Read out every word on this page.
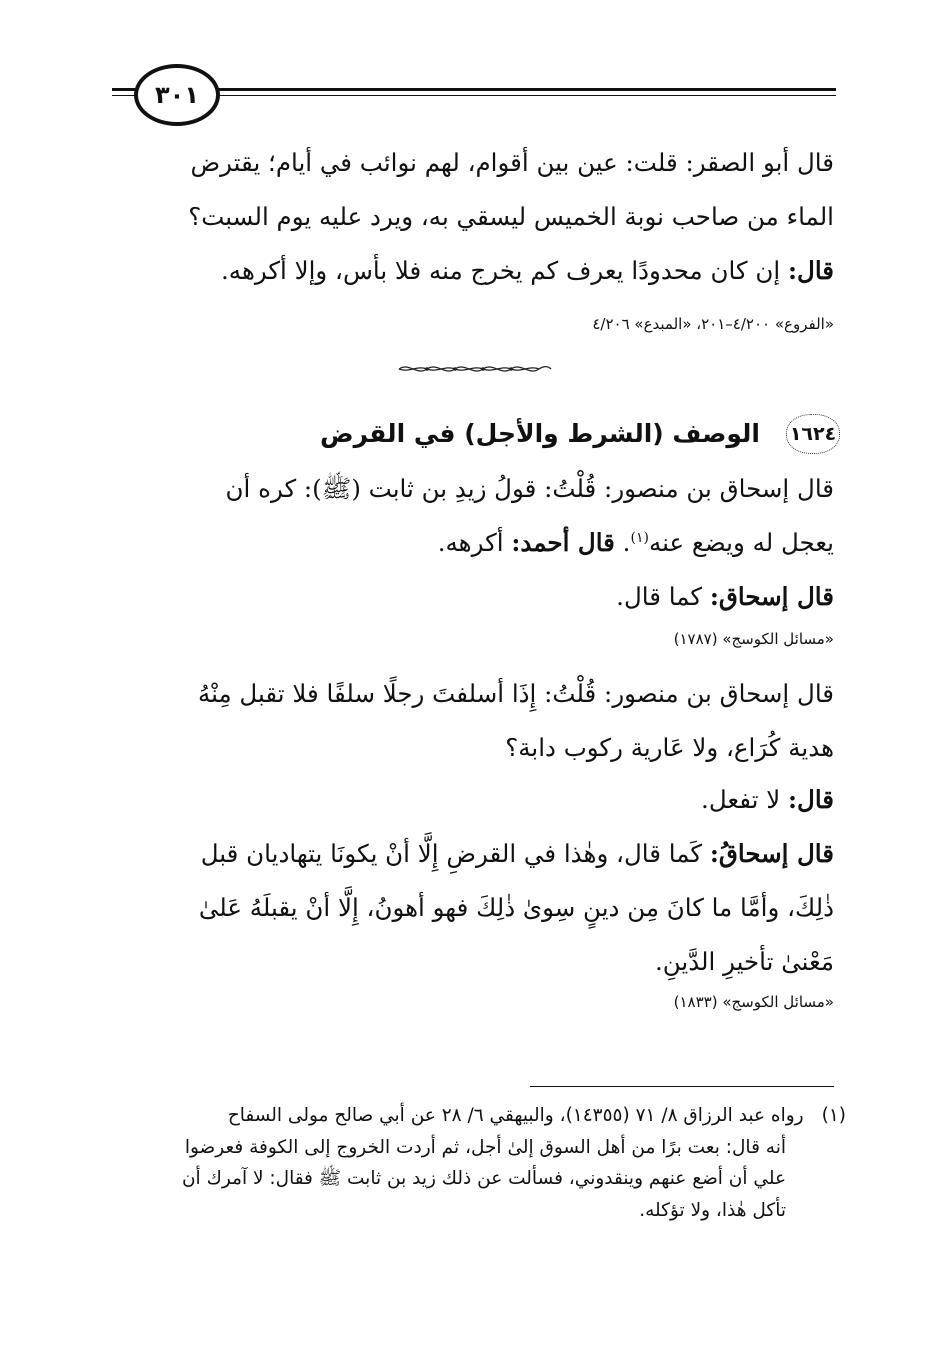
٣٠١
قال أبو الصقر: قلت: عين بين أقوام، لهم نوائب في أيام؛ يقترض
الماء من صاحب نوبة الخميس ليسقي به، ويرد عليه يوم السبت؟
قال: إن كان محدودًا يعرف كم يخرج منه فلا بأس، وإلا أكرهه.
«الفروع» ٤/٢٠٠–٢٠١، «المبدع» ٤/٢٠٦
١٦٢٤
الوصف (الشرط والأجل) في القرض
قال إسحاق بن منصور: قُلْتُ: قولُ زيدِ بن ثابت (ﷺ): كره أن
يعجل له ويضع عنه$^{(١)}$. قال أحمد: أكرهه.
قال إسحاق: كما قال.
«مسائل الكوسج» (١٧٨٧)
قال إسحاق بن منصور: قُلْتُ: إِذَا أسلفتَ رجلًا سلفًا فلا تقبل مِنْهُ
هدية كُرَاع، ولا عَارية ركوب دابة؟
قال: لا تفعل.
قال إسحاقُ: كَما قال، وهٰذا في القرضِ إِلَّا أنْ يكونَا يتهاديان قبل
ذٰلِكَ، وأمَّا ما كانَ مِن دينٍ سِوىٰ ذٰلِكَ فهو أهونُ، إِلَّا أنْ يقبلَهُ عَلىٰ
مَعْنىٰ تأخيرِ الدَّينِ.
«مسائل الكوسج» (١٨٣٣)
(١)رواه عبد الرزاق ٨/ ٧١ (١٤٣٥٥)، والبيهقي ٦/ ٢٨ عن أبي صالح مولى السفاح
أنه قال: بعت برًا من أهل السوق إلىٰ أجل، ثم أردت الخروج إلى الكوفة فعرضوا
علي أن أضع عنهم وينقدوني، فسألت عن ذلك زيد بن ثابت ﷺ فقال: لا آمرك أن
تأكل هٰذا، ولا تؤكله.
